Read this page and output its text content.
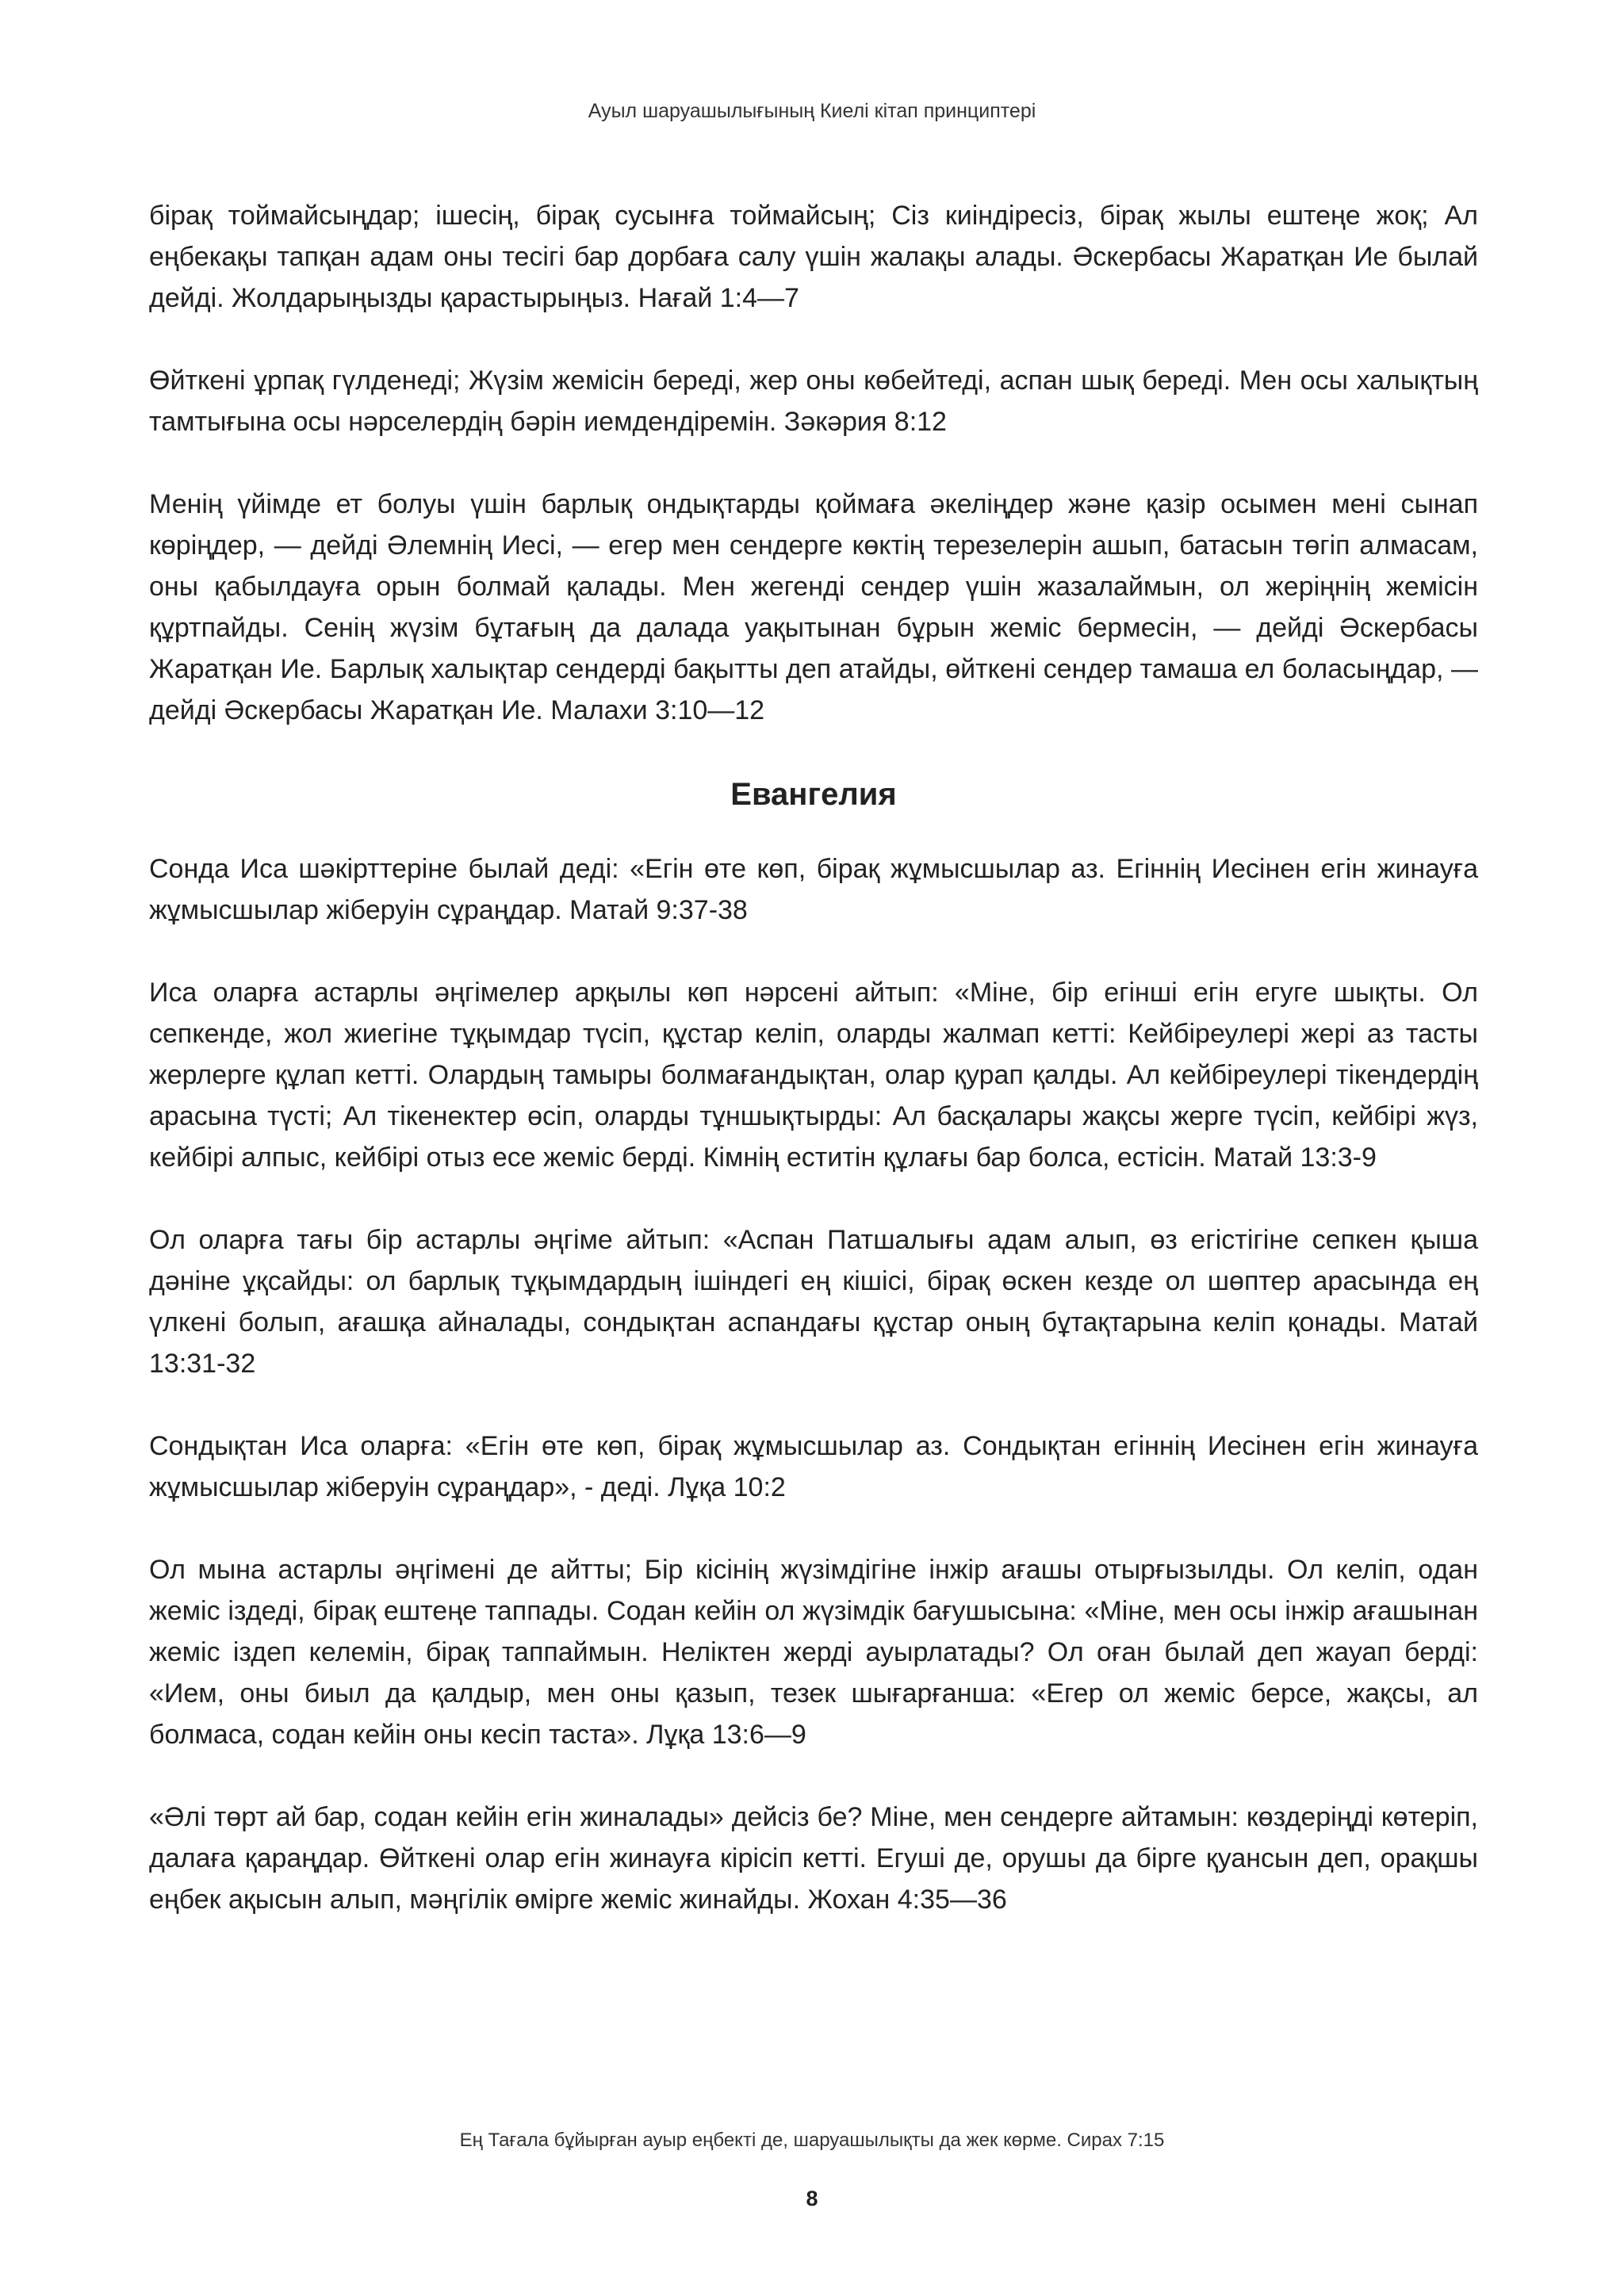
Ауыл шаруашылығының Киелі кітап принциптері

бірақ тоймайсыңдар; ішесің, бірақ сусынға тоймайсың; Сіз киіндіресіз, бірақ жылы ештеңе жоқ; Ал еңбекақы тапқан адам оны тесігі бар дорбаға салу үшін жалақы алады. Әскербасы Жаратқан Ие былай дейді. Жолдарыңызды қарастырыңыз. Нағай 1:4—7

Өйткені ұрпақ гүлденеді; Жүзім жемісін береді, жер оны көбейтеді, аспан шық береді. Мен осы халықтың тамтығына осы нәрселердің бәрін иемдендіремін. Зәкәрия 8:12

Менің үйімде ет болуы үшін барлық ондықтарды қоймаға әкеліңдер және қазір осымен мені сынап көріңдер, — дейді Әлемнің Иесі, — егер мен сендерге көктің терезелерін ашып, батасын төгіп алмасам, оны қабылдауға орын болмай қалады. Мен жегенді сендер үшін жазалаймын, ол жеріңнің жемісін құртпайды. Сенің жүзім бұтағың да далада уақытынан бұрын жеміс бермесін, — дейді Әскербасы Жаратқан Ие. Барлық халықтар сендерді бақытты деп атайды, өйткені сендер тамаша ел боласыңдар, — дейді Әскербасы Жаратқан Ие. Малахи 3:10—12

Евангелия

Сонда Иса шәкірттеріне былай деді: «Егін өте көп, бірақ жұмысшылар аз. Егіннің Иесінен егін жинауға жұмысшылар жіберуін сұраңдар. Матай 9:37-38

Иса оларға астарлы әңгімелер арқылы көп нәрсені айтып: «Міне, бір егінші егін егуге шықты. Ол сепкенде, жол жиегіне тұқымдар түсіп, құстар келіп, оларды жалмап кетті: Кейбіреулері жері аз тасты жерлерге құлап кетті. Олардың тамыры болмағандықтан, олар қурап қалды. Ал кейбіреулері тікендердің арасына түсті; Ал тікенектер өсіп, оларды тұншықтырды: Ал басқалары жақсы жерге түсіп, кейбірі жүз, кейбірі алпыс, кейбірі отыз есе жеміс берді. Кімнің еститін құлағы бар болса, естісін. Матай 13:3-9

Ол оларға тағы бір астарлы әңгіме айтып: «Аспан Патшалығы адам алып, өз егістігіне сепкен қыша дәніне ұқсайды: ол барлық тұқымдардың ішіндегі ең кішісі, бірақ өскен кезде ол шөптер арасында ең үлкені болып, ағашқа айналады, сондықтан аспандағы құстар оның бұтақтарына келіп қонады. Матай 13:31-32

Сондықтан Иса оларға: «Егін өте көп, бірақ жұмысшылар аз. Сондықтан егіннің Иесінен егін жинауға жұмысшылар жіберуін сұраңдар», - деді. Лұқа 10:2

Ол мына астарлы әңгімені де айтты; Бір кісінің жүзімдігіне інжір ағашы отырғызылды. Ол келіп, одан жеміс іздеді, бірақ ештеңе таппады. Содан кейін ол жүзімдік бағушысына: «Міне, мен осы інжір ағашынан жеміс іздеп келемін, бірақ таппаймын. Неліктен жерді ауырлатады? Ол оған былай деп жауап берді: «Ием, оны биыл да қалдыр, мен оны қазып, тезек шығарғанша: «Егер ол жеміс берсе, жақсы, ал болмаса, содан кейін оны кесіп таста». Лұқа 13:6—9

«Әлі төрт ай бар, содан кейін егін жиналады» дейсіз бе? Міне, мен сендерге айтамын: көздеріңді көтеріп, далаға қараңдар. Өйткені олар егін жинауға кірісіп кетті. Егуші де, орушы да бірге қуансын деп, орақшы еңбек ақысын алып, мәңгілік өмірге жеміс жинайды. Жохан 4:35—36

Ең Тағала бұйырған ауыр еңбекті де, шаруашылықты да жек көрме. Сирах 7:15
8
